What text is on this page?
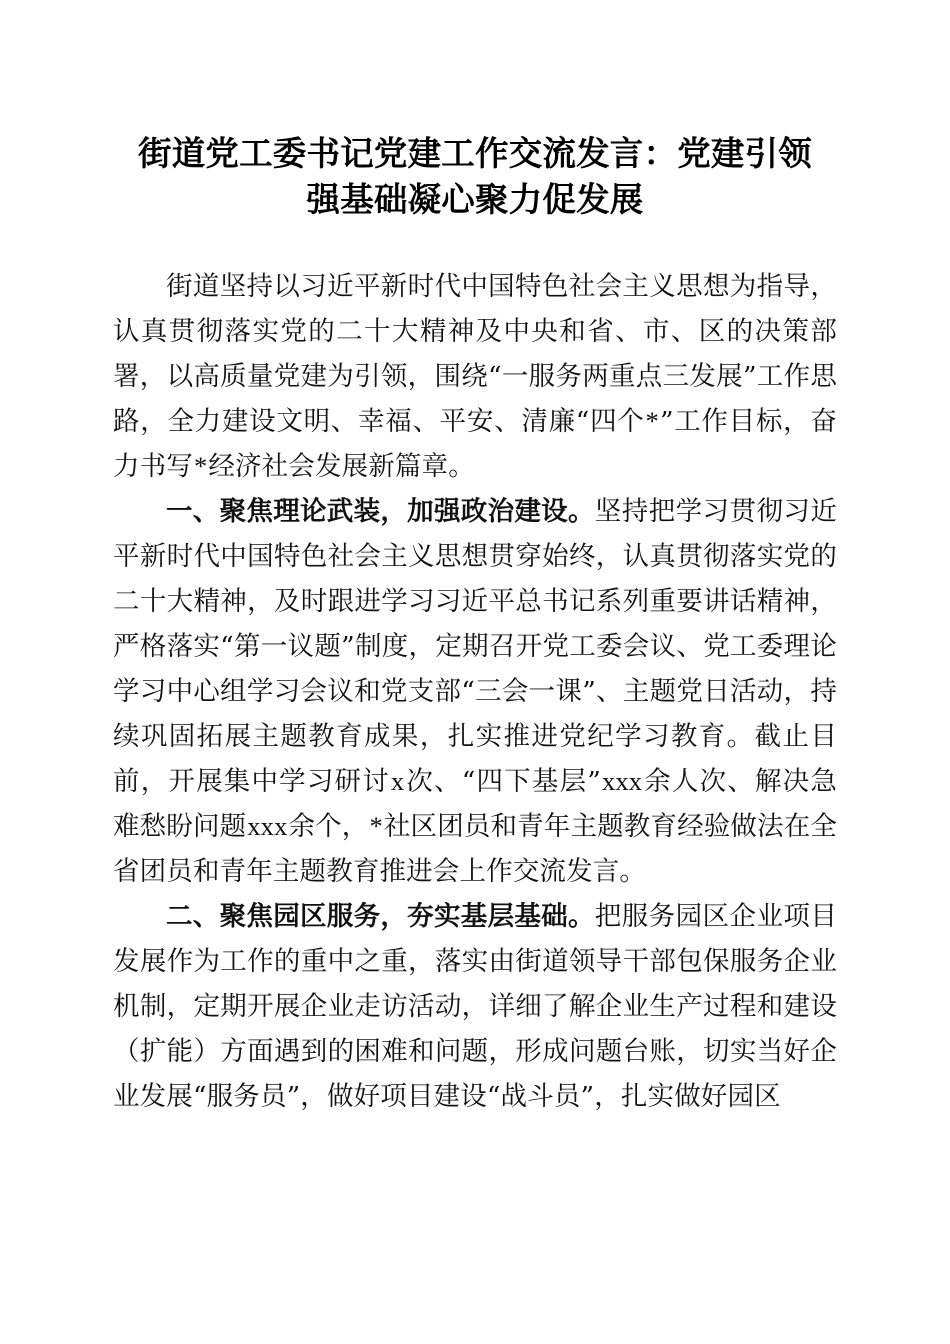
街道党工委书记党建工作交流发言：党建引领
强基础凝心聚力促发展

街道坚持以习近平新时代中国特色社会主义思想为指导，认真贯彻落实党的二十大精神及中央和省、市、区的决策部署，以高质量党建为引领，围绕“一服务两重点三发展”工作思路，全力建设文明、幸福、平安、清廉“四个*”工作目标，奋力书写*经济社会发展新篇章。

一、聚焦理论武装，加强政治建设。坚持把学习贯彻习近平新时代中国特色社会主义思想贯穿始终，认真贯彻落实党的二十大精神，及时跟进学习习近平总书记系列重要讲话精神，严格落实“第一议题”制度，定期召开党工委会议、党工委理论学习中心组学习会议和党支部“三会一课”、主题党日活动，持续巩固拓展主题教育成果，扎实推进党纪学习教育。截止目前，开展集中学习研讨x次、“四下基层”xxx余人次、解决急难愁盼问题xxx余个，*社区团员和青年主题教育经验做法在全省团员和青年主题教育推进会上作交流发言。

二、聚焦园区服务，夯实基层基础。把服务园区企业项目发展作为工作的重中之重，落实由街道领导干部包保服务企业机制，定期开展企业走访活动，详细了解企业生产过程和建设（扩能）方面遇到的困难和问题，形成问题台账，切实当好企业发展“服务员”，做好项目建设“战斗员”，扎实做好园区
